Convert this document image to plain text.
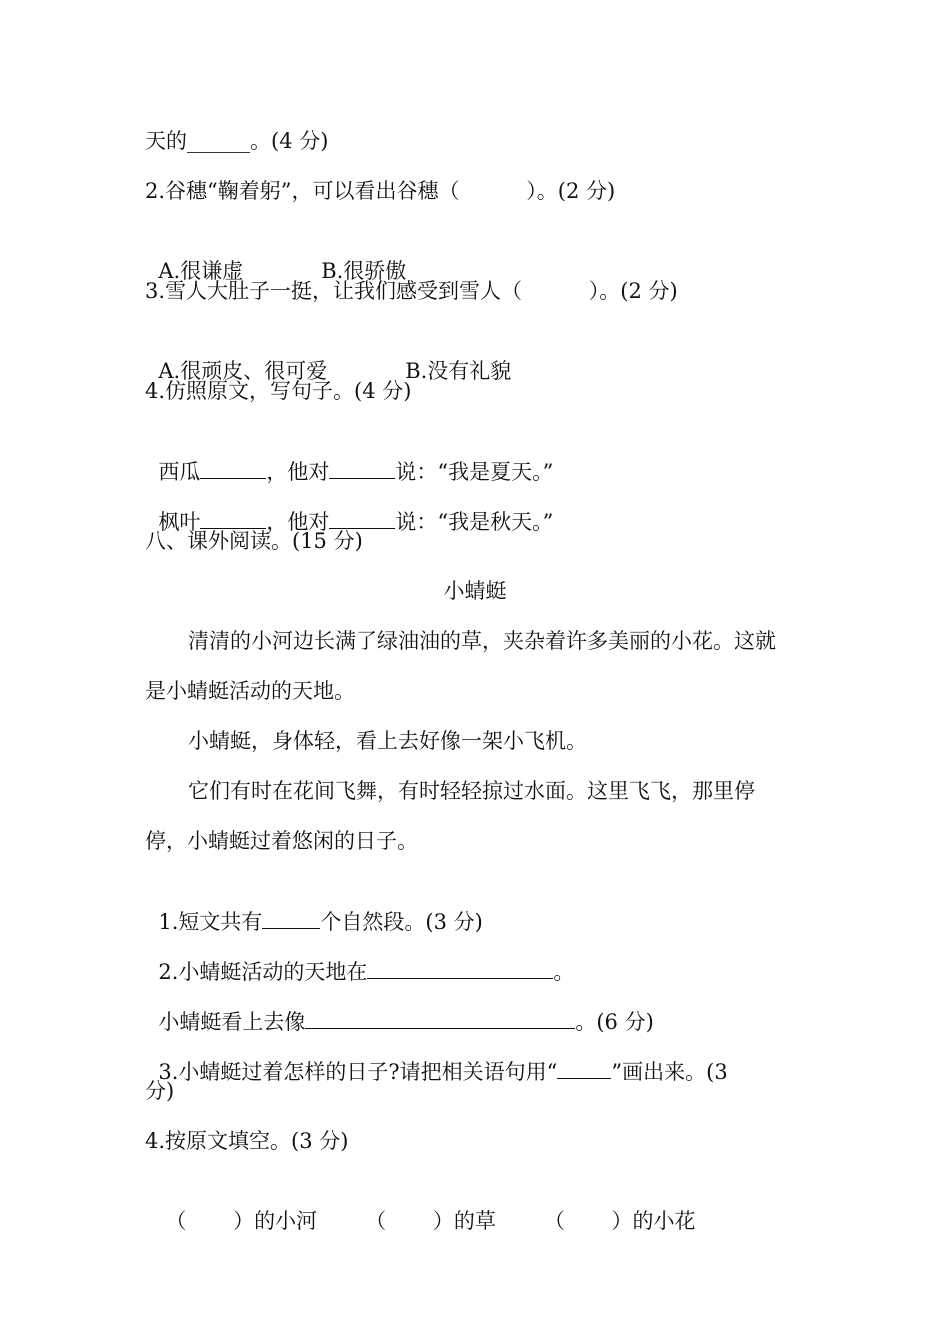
天的______。(4 分)
2.谷穗“鞠着躬”，可以看出谷穗（          ）。(2 分)

A.很谦虚	B.很骄傲

3.雪人大肚子一挺，让我们感受到雪人（          ）。(2 分)

A.很顽皮、很可爱	B.没有礼貌

4.仿照原文，写句子。(4 分)

西瓜	，他对	说：“我是夏天。”

枫叶	，他对	说：“我是秋天。”

八、课外阅读。(15 分)
小蜻蜓
清清的小河边长满了绿油油的草，夹杂着许多美丽的小花。这就
是小蜻蜓活动的天地。
小蜻蜓，身体轻，看上去好像一架小飞机。
它们有时在花间飞舞，有时轻轻掠过水面。这里飞飞，那里停
停，小蜻蜓过着悠闲的日子。

1.短文共有	个自然段。(3 分)

2.小蜻蜓活动的天地在	。

小蜻蜓看上去像	。(6 分)

3.小蜻蜓过着怎样的日子?请把相关语句用“	”画出来。(3

分)
4.按原文填空。(3 分)

（       ）的小河 （       ）的草 （       ）的小花
